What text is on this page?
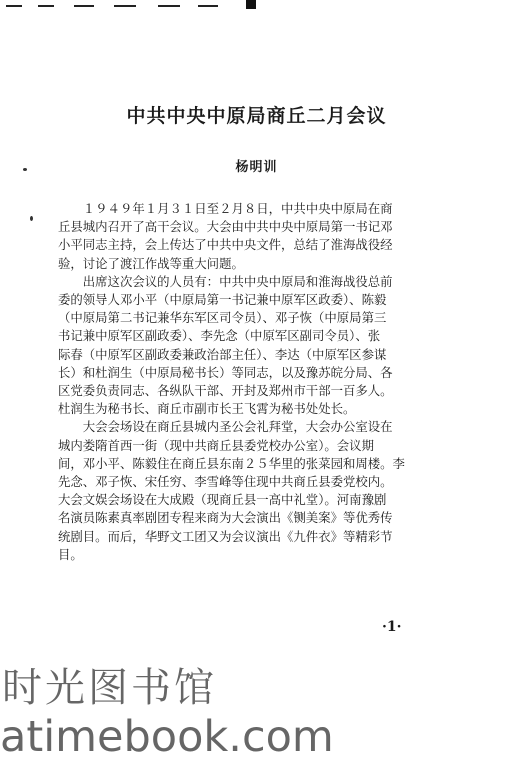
中共中央中原局商丘二月会议
杨明训
　　１９４９年１月３１日至２月８日，中共中央中原局在商
丘县城内召开了高干会议。大会由中共中央中原局第一书记邓
小平同志主持，会上传达了中共中央文件，总结了淮海战役经
验，讨论了渡江作战等重大问题。
　　出席这次会议的人员有：中共中央中原局和淮海战役总前
委的领导人邓小平（中原局第一书记兼中原军区政委）、陈毅
（中原局第二书记兼华东军区司令员）、邓子恢（中原局第三
书记兼中原军区副政委）、李先念（中原军区副司令员）、张
际春（中原军区副政委兼政治部主任）、李达（中原军区参谋
长）和杜润生（中原局秘书长）等同志，以及豫苏皖分局、各
区党委负责同志、各纵队干部、开封及郑州市干部一百多人。
杜润生为秘书长、商丘市副市长王飞霄为秘书处处长。
　　大会会场设在商丘县城内圣公会礼拜堂，大会办公室设在
城内娄隋首西一街（现中共商丘县委党校办公室）。会议期
间，邓小平、陈毅住在商丘县东南２５华里的张菜园和周楼。李
先念、邓子恢、宋任穷、李雪峰等住现中共商丘县委党校内。
大会文娱会场设在大成殿（现商丘县一高中礼堂）。河南豫剧
名演员陈素真率剧团专程来商为大会演出《铡美案》等优秀传
统剧目。而后，华野文工团又为会议演出《九件衣》等精彩节
目。
·1·
时光图书馆
atimebook.com
